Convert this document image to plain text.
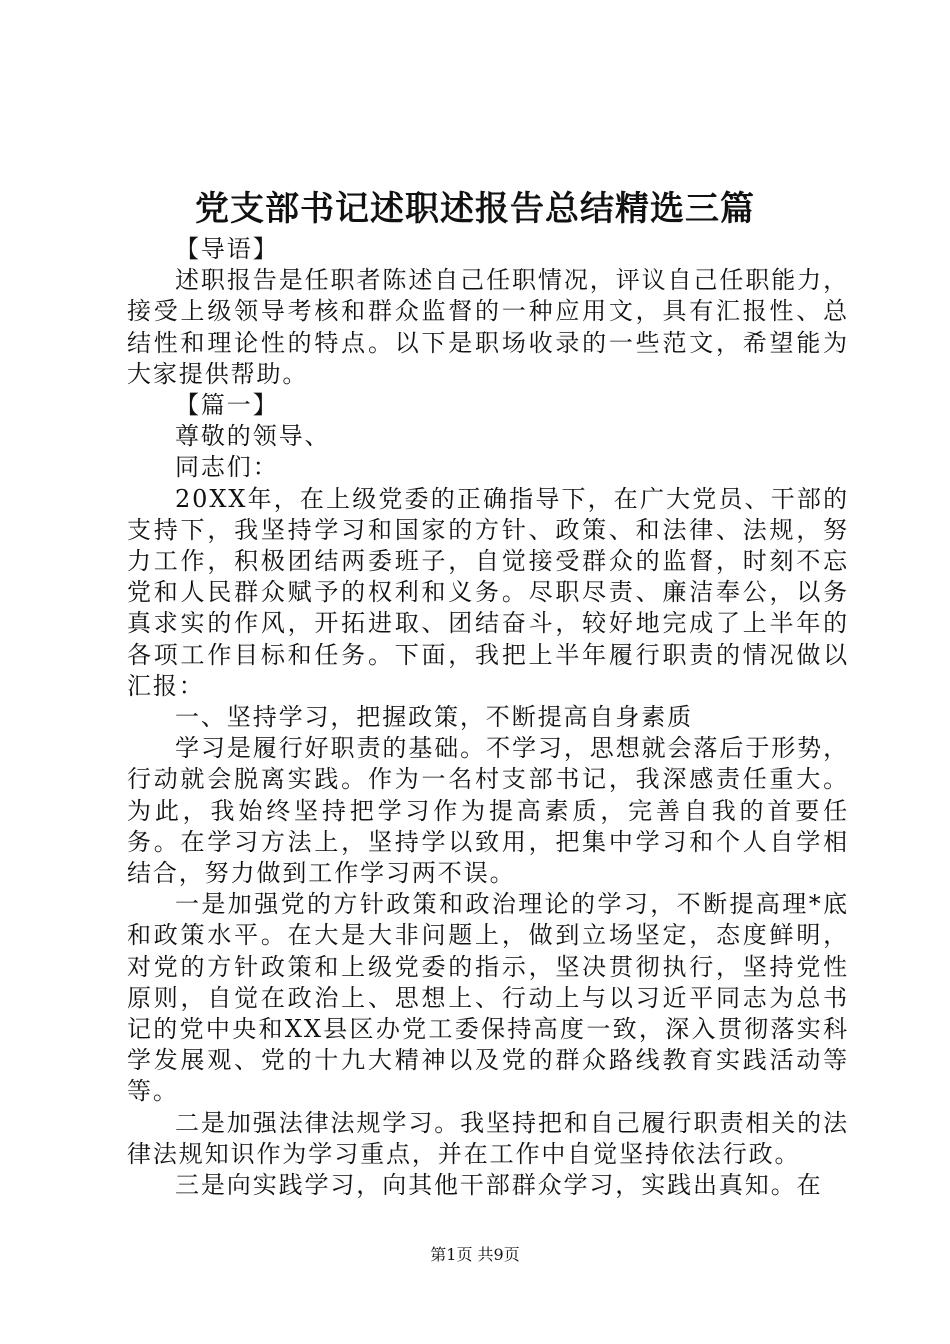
党支部书记述职述报告总结精选三篇

【导语】

述职报告是任职者陈述自己任职情况，评议自己任职能力，接受上级领导考核和群众监督的一种应用文，具有汇报性、总结性和理论性的特点。以下是职场收录的一些范文，希望能为大家提供帮助。

【篇一】

尊敬的领导、

同志们：

20XX年，在上级党委的正确指导下，在广大党员、干部的支持下，我坚持学习和国家的方针、政策、和法律、法规，努力工作，积极团结两委班子，自觉接受群众的监督，时刻不忘党和人民群众赋予的权利和义务。尽职尽责、廉洁奉公，以务真求实的作风，开拓进取、团结奋斗，较好地完成了上半年的各项工作目标和任务。下面，我把上半年履行职责的情况做以汇报：

一、坚持学习，把握政策，不断提高自身素质

学习是履行好职责的基础。不学习，思想就会落后于形势，行动就会脱离实践。作为一名村支部书记，我深感责任重大。为此，我始终坚持把学习作为提高素质，完善自我的首要任务。在学习方法上，坚持学以致用，把集中学习和个人自学相结合，努力做到工作学习两不误。

一是加强党的方针政策和政治理论的学习，不断提高理*底和政策水平。在大是大非问题上，做到立场坚定，态度鲜明，对党的方针政策和上级党委的指示，坚决贯彻执行，坚持党性原则，自觉在政治上、思想上、行动上与以习近平同志为总书记的党中央和XX县区办党工委保持高度一致，深入贯彻落实科学发展观、党的十九大精神以及党的群众路线教育实践活动等等。

二是加强法律法规学习。我坚持把和自己履行职责相关的法律法规知识作为学习重点，并在工作中自觉坚持依法行政。

三是向实践学习，向其他干部群众学习，实践出真知。在

第1页 共9页
